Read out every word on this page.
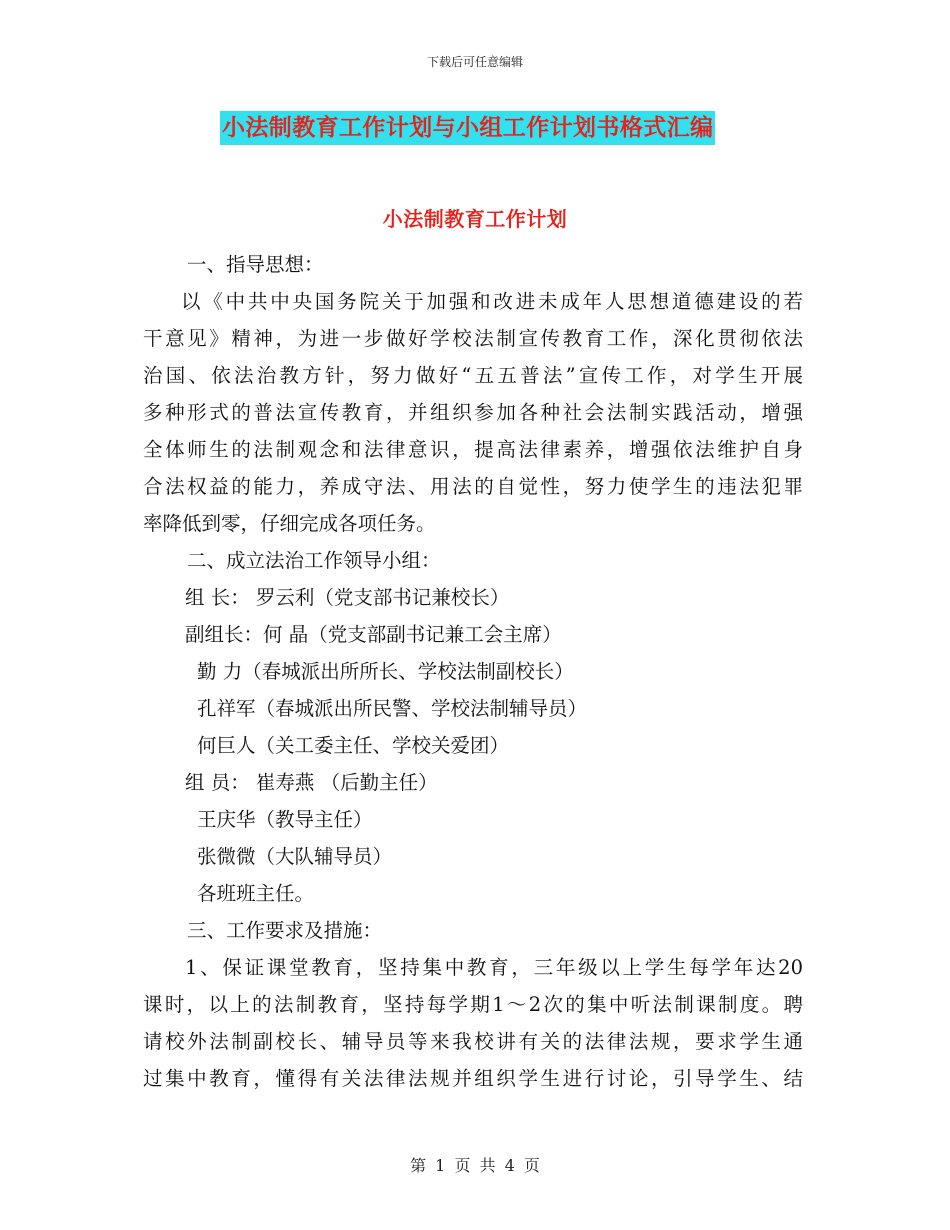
下载后可任意编辑
小法制教育工作计划与小组工作计划书格式汇编
小法制教育工作计划
一、指导思想：
以《中共中央国务院关于加强和改进未成年人思想道德建设的若
干意见》精神，为进一步做好学校法制宣传教育工作，深化贯彻依法
治国、依法治教方针，努力做好“五五普法”宣传工作，对学生开展
多种形式的普法宣传教育，并组织参加各种社会法制实践活动，增强
全体师生的法制观念和法律意识，提高法律素养，增强依法维护自身
合法权益的能力，养成守法、用法的自觉性，努力使学生的违法犯罪
率降低到零，仔细完成各项任务。
二、成立法治工作领导小组：
组 长： 罗云利（党支部书记兼校长）
副组长：何 晶（党支部副书记兼工会主席）
勤 力（春城派出所所长、学校法制副校长）
孔祥军（春城派出所民警、学校法制辅导员）
何巨人（关工委主任、学校关爱团）
组 员： 崔寿燕 （后勤主任）
王庆华（教导主任）
张微微（大队辅导员）
各班班主任。
三、工作要求及措施：
1、保证课堂教育，坚持集中教育，三年级以上学生每学年达20
课时，以上的法制教育，坚持每学期1～2次的集中听法制课制度。聘
请校外法制副校长、辅导员等来我校讲有关的法律法规，要求学生通
过集中教育，懂得有关法律法规并组织学生进行讨论，引导学生、结
第 1 页 共 4 页
